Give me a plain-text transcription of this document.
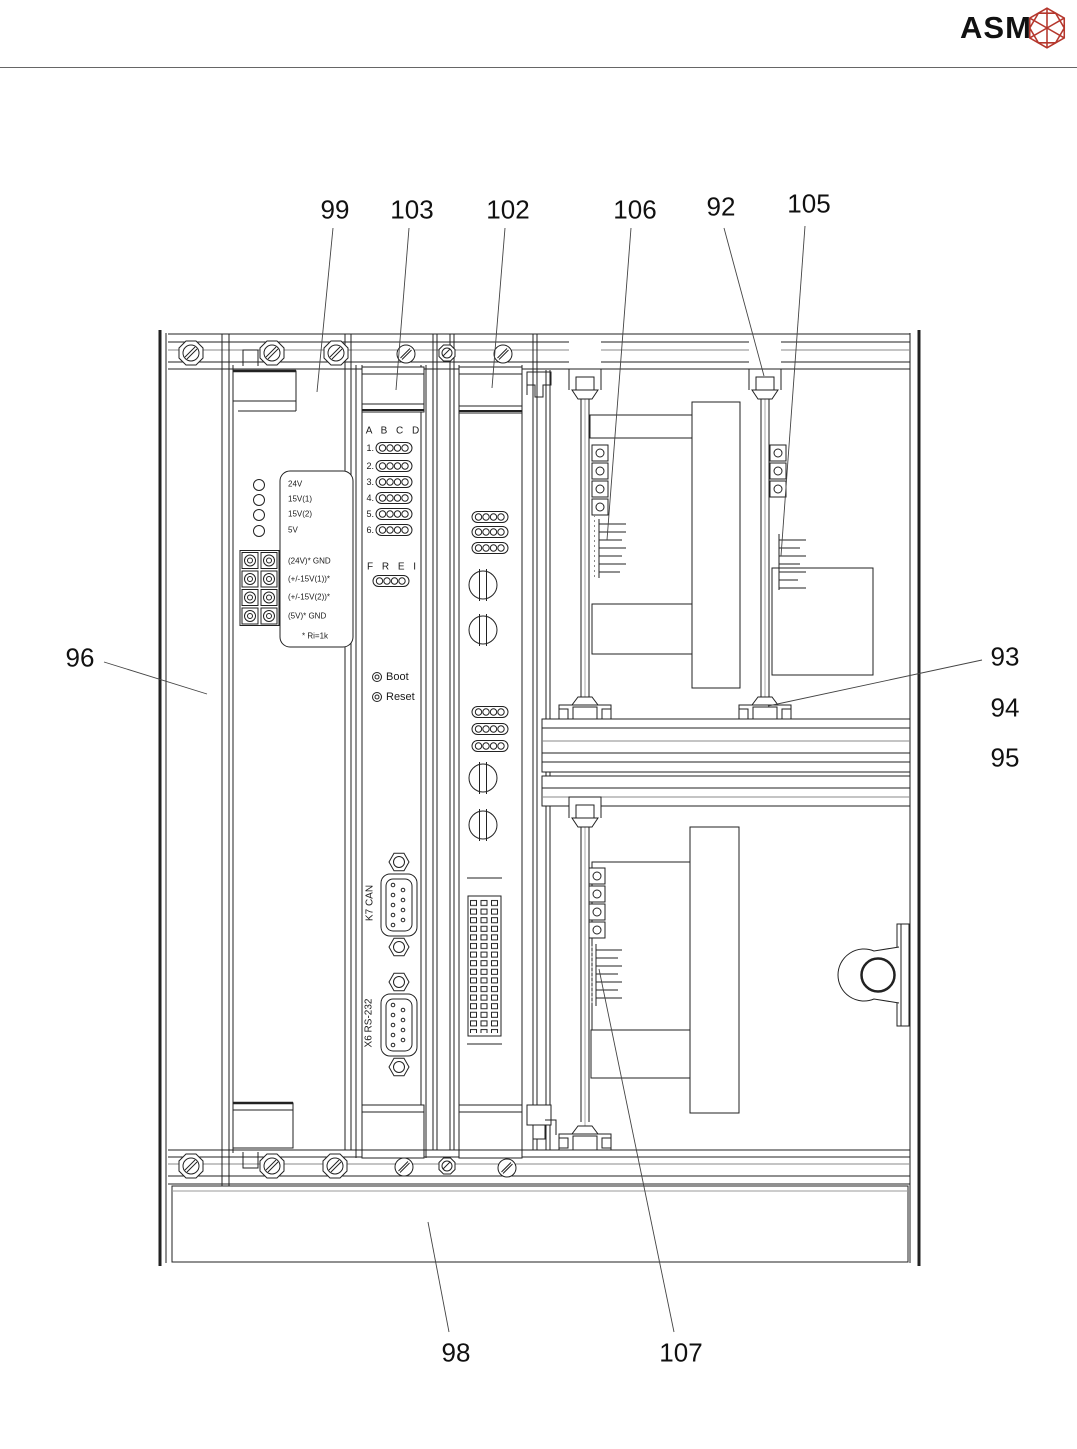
ASM
99 103 102	106 92 105
96	93
94
95
98	107
24V
15V(1)
15V(2)
5V
(24V)* GND
(+/-15V(1))*
(+/-15V(2))*
(5V)* GND
* Ri=1k
A B C D
1.
2.
3.
4.
5.
6.
F R E I
Boot
Reset
K7 CAN
X6 RS-232
